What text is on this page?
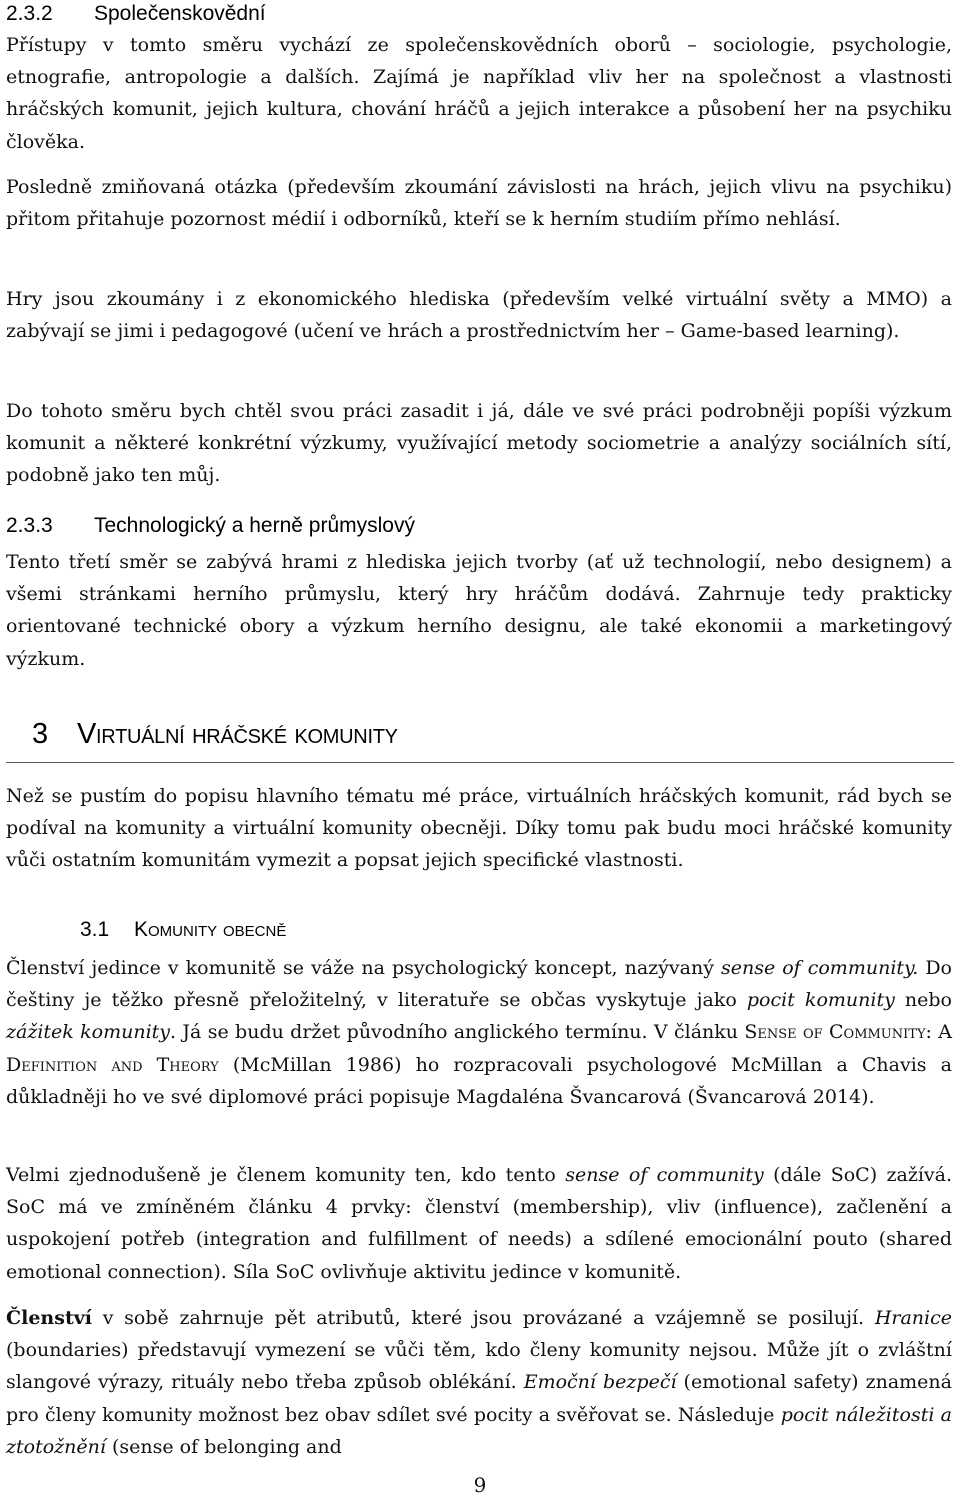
2.3.2 Společenskovědní

Přístupy v tomto směru vychází ze společenskovědních oborů – sociologie, psychologie, etnografie, antropologie a dalších. Zajímá je například vliv her na společnost a vlastnosti hráčských komunit, jejich kultura, chování hráčů a jejich interakce a působení her na psychiku člověka.

Posledně zmiňovaná otázka (především zkoumání závislosti na hrách, jejich vlivu na psychiku) přitom přitahuje pozornost médií i odborníků, kteří se k herním studiím přímo nehlásí.

Hry jsou zkoumány i z ekonomického hlediska (především velké virtuální světy a MMO) a zabývají se jimi i pedagogové (učení ve hrách a prostřednictvím her – Game-based learning).

Do tohoto směru bych chtěl svou práci zasadit i já, dále ve své práci podrobněji popíši výzkum komunit a některé konkrétní výzkumy, využívající metody sociometrie a analýzy sociálních sítí, podobně jako ten můj.

2.3.3 Technologický a herně průmyslový

Tento třetí směr se zabývá hrami z hlediska jejich tvorby (ať už technologií, nebo designem) a všemi stránkami herního průmyslu, který hry hráčům dodává. Zahrnuje tedy prakticky orientované technické obory a výzkum herního designu, ale také ekonomii a marketingový výzkum.

3 Virtuální hráčské komunity

Než se pustím do popisu hlavního tématu mé práce, virtuálních hráčských komunit, rád bych se podíval na komunity a virtuální komunity obecněji. Díky tomu pak budu moci hráčské komunity vůči ostatním komunitám vymezit a popsat jejich specifické vlastnosti.

3.1 Komunity obecně

Členství jedince v komunitě se váže na psychologický koncept, nazývaný sense of community. Do češtiny je těžko přesně přeložitelný, v literatuře se občas vyskytuje jako pocit komunity nebo zážitek komunity. Já se budu držet původního anglického termínu. V článku Sense of Community: A Definition and Theory (McMillan 1986) ho rozpracovali psychologové McMillan a Chavis a důkladněji ho ve své diplomové práci popisuje Magdaléna Švancarová (Švancarová 2014).

Velmi zjednodušeně je členem komunity ten, kdo tento sense of community (dále SoC) zažívá. SoC má ve zmíněném článku 4 prvky: členství (membership), vliv (influence), začlenění a uspokojení potřeb (integration and fulfillment of needs) a sdílené emocionální pouto (shared emotional connection). Síla SoC ovlivňuje aktivitu jedince v komunitě.

Členství v sobě zahrnuje pět atributů, které jsou provázané a vzájemně se posilují. Hranice (boundaries) představují vymezení se vůči těm, kdo členy komunity nejsou. Může jít o zvláštní slangové výrazy, rituály nebo třeba způsob oblékání. Emoční bezpečí (emotional safety) znamená pro členy komunity možnost bez obav sdílet své pocity a svěřovat se. Následuje pocit náležitosti a ztotožnění (sense of belonging and

9
